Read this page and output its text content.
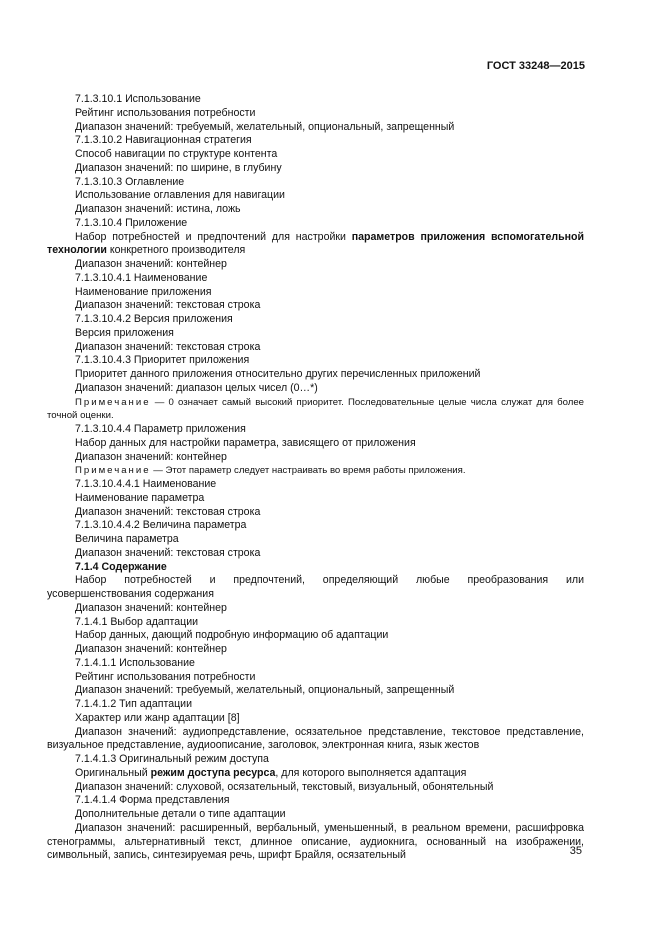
ГОСТ 33248—2015

7.1.3.10.1 Использование

Рейтинг использования потребности

Диапазон значений: требуемый, желательный, опциональный, запрещенный

7.1.3.10.2 Навигационная стратегия

Способ навигации по структуре контента

Диапазон значений: по ширине, в глубину

7.1.3.10.3 Оглавление

Использование оглавления для навигации

Диапазон значений: истина, ложь

7.1.3.10.4 Приложение

Набор потребностей и предпочтений для настройки параметров приложения вспомогательной технологии конкретного производителя

Диапазон значений: контейнер

7.1.3.10.4.1 Наименование

Наименование приложения

Диапазон значений: текстовая строка

7.1.3.10.4.2 Версия приложения

Версия приложения

Диапазон значений: текстовая строка

7.1.3.10.4.3 Приоритет приложения

Приоритет данного приложения относительно других перечисленных приложений

Диапазон значений: диапазон целых чисел (0…*)

Примечание — 0 означает самый высокий приоритет. Последовательные целые числа служат для более точной оценки.

7.1.3.10.4.4 Параметр приложения

Набор данных для настройки параметра, зависящего от приложения

Диапазон значений: контейнер

Примечание — Этот параметр следует настраивать во время работы приложения.

7.1.3.10.4.4.1 Наименование

Наименование параметра

Диапазон значений: текстовая строка

7.1.3.10.4.4.2 Величина параметра

Величина параметра

Диапазон значений: текстовая строка

7.1.4 Содержание

Набор потребностей и предпочтений, определяющий любые преобразования или усовершенствования содержания

Диапазон значений: контейнер

7.1.4.1 Выбор адаптации

Набор данных, дающий подробную информацию об адаптации

Диапазон значений: контейнер

7.1.4.1.1 Использование

Рейтинг использования потребности

Диапазон значений: требуемый, желательный, опциональный, запрещенный

7.1.4.1.2 Тип адаптации

Характер или жанр адаптации [8]

Диапазон значений: аудиопредставление, осязательное представление, текстовое представление, визуальное представление, аудиоописание, заголовок, электронная книга, язык жестов

7.1.4.1.3 Оригинальный режим доступа

Оригинальный режим доступа ресурса, для которого выполняется адаптация

Диапазон значений: слуховой, осязательный, текстовый, визуальный, обонятельный

7.1.4.1.4 Форма представления

Дополнительные детали о типе адаптации

Диапазон значений: расширенный, вербальный, уменьшенный, в реальном времени, расшифровка стенограммы, альтернативный текст, длинное описание, аудиокнига, основанный на изображении, символьный, запись, синтезируемая речь, шрифт Брайля, осязательный	35
